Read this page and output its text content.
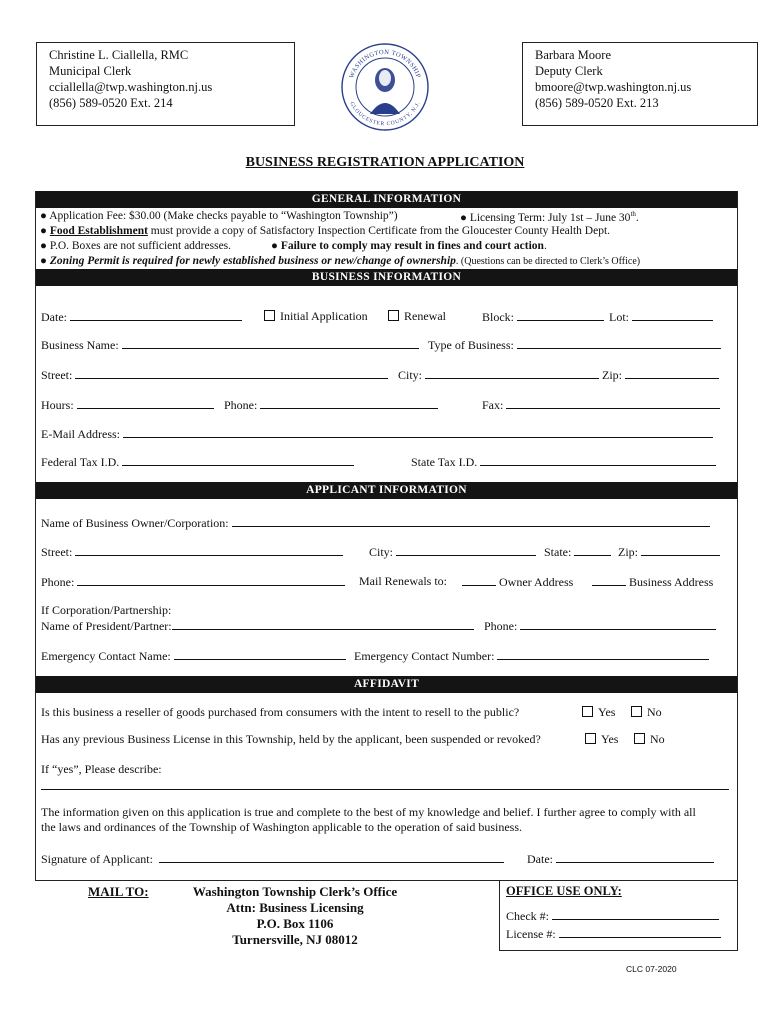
Christine L. Ciallella, RMC
Municipal Clerk
cciallella@twp.washington.nj.us
(856) 589-0520 Ext. 214
WASHINGTON TOWNSHIP
GLOUCESTER COUNTY, N.J.
Barbara Moore
Deputy Clerk
bmoore@twp.washington.nj.us
(856) 589-0520 Ext. 213
BUSINESS REGISTRATION APPLICATION
GENERAL INFORMATION
● Application Fee: $30.00 (Make checks payable to “Washington Township”)	● Licensing Term: July 1st – June 30th.
● Food Establishment must provide a copy of Satisfactory Inspection Certificate from the Gloucester County Health Dept.
● P.O. Boxes are not sufficient addresses.	● Failure to comply may result in fines and court action.
● Zoning Permit is required for newly established business or new/change of ownership. (Questions can be directed to Clerk’s Office)
BUSINESS INFORMATION
Date:	Initial Application	Renewal	Block:	Lot:
Business Name:	Type of Business:
Street:	City:	Zip:
Hours:	Phone:	Fax:
E-Mail Address:
Federal Tax I.D.	State Tax I.D.
APPLICANT INFORMATION
Name of Business Owner/Corporation:
Street:	City:	State:	Zip:
Phone:	Mail Renewals to:	Owner Address	Business Address
If Corporation/Partnership:
Name of President/Partner:	Phone:
Emergency Contact Name:	Emergency Contact Number:
AFFIDAVIT
Is this business a reseller of goods purchased from consumers with the intent to resell to the public?	Yes	No
Has any previous Business License in this Township, held by the applicant, been suspended or revoked?	Yes	No
If “yes”, Please describe:
The information given on this application is true and complete to the best of my knowledge and belief. I further agree to comply with all
the laws and ordinances of the Township of Washington applicable to the operation of said business.
Signature of Applicant:	Date:
MAIL TO:	Washington Township Clerk’s Office
Attn: Business Licensing
P.O. Box 1106
Turnersville, NJ 08012
OFFICE USE ONLY:
Check #:
License #:
CLC 07-2020
